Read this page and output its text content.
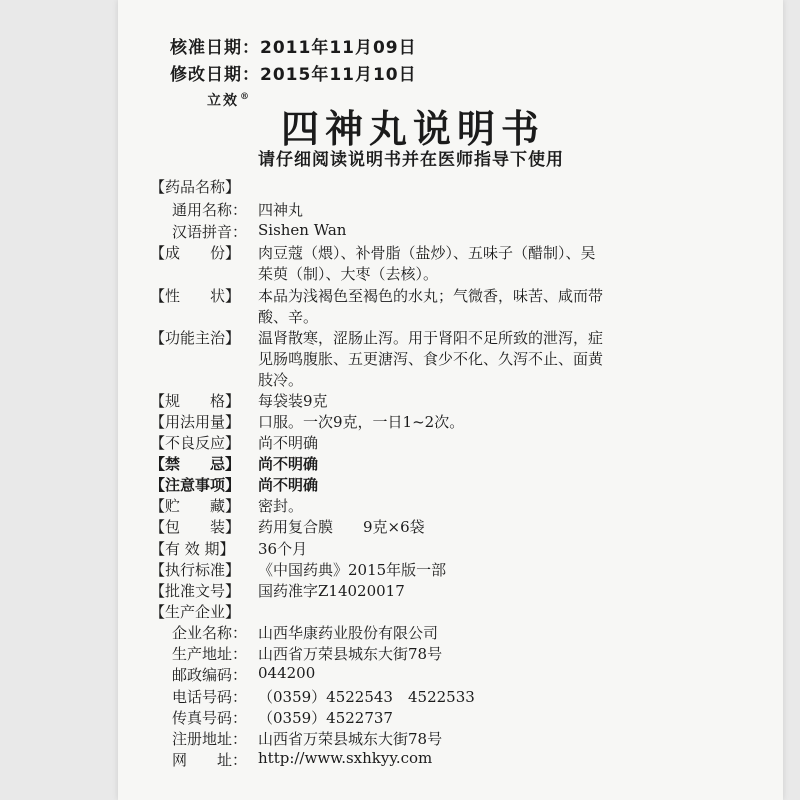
核准日期：2011年11月09日
修改日期：2015年11月10日
立效®
四神丸说明书
请仔细阅读说明书并在医师指导下使用
【药品名称】
通用名称： 四神丸
汉语拼音： Sishen Wan
【成　　份】 肉豆蔻（煨）、补骨脂（盐炒）、五味子（醋制）、吴
茱萸（制）、大枣（去核）。
【性　　状】 本品为浅褐色至褐色的水丸；气微香，味苦、咸而带
酸、辛。
【功能主治】 温肾散寒，涩肠止泻。用于肾阳不足所致的泄泻，症
见肠鸣腹胀、五更溏泻、食少不化、久泻不止、面黄
肢冷。
【规　　格】 每袋装9克
【用法用量】 口服。一次9克，一日1~2次。
【不良反应】 尚不明确
【禁　　忌】 尚不明确
【注意事项】 尚不明确
【贮　　藏】 密封。
【包　　装】 药用复合膜　　9克×6袋
【有 效 期】 36个月
【执行标准】 《中国药典》2015年版一部
【批准文号】 国药准字Z14020017
【生产企业】
企业名称： 山西华康药业股份有限公司
生产地址： 山西省万荣县城东大街78号
邮政编码： 044200
电话号码： （0359）4522543　4522533
传真号码： （0359）4522737
注册地址： 山西省万荣县城东大街78号
网　　址： http://www.sxhkyy.com
